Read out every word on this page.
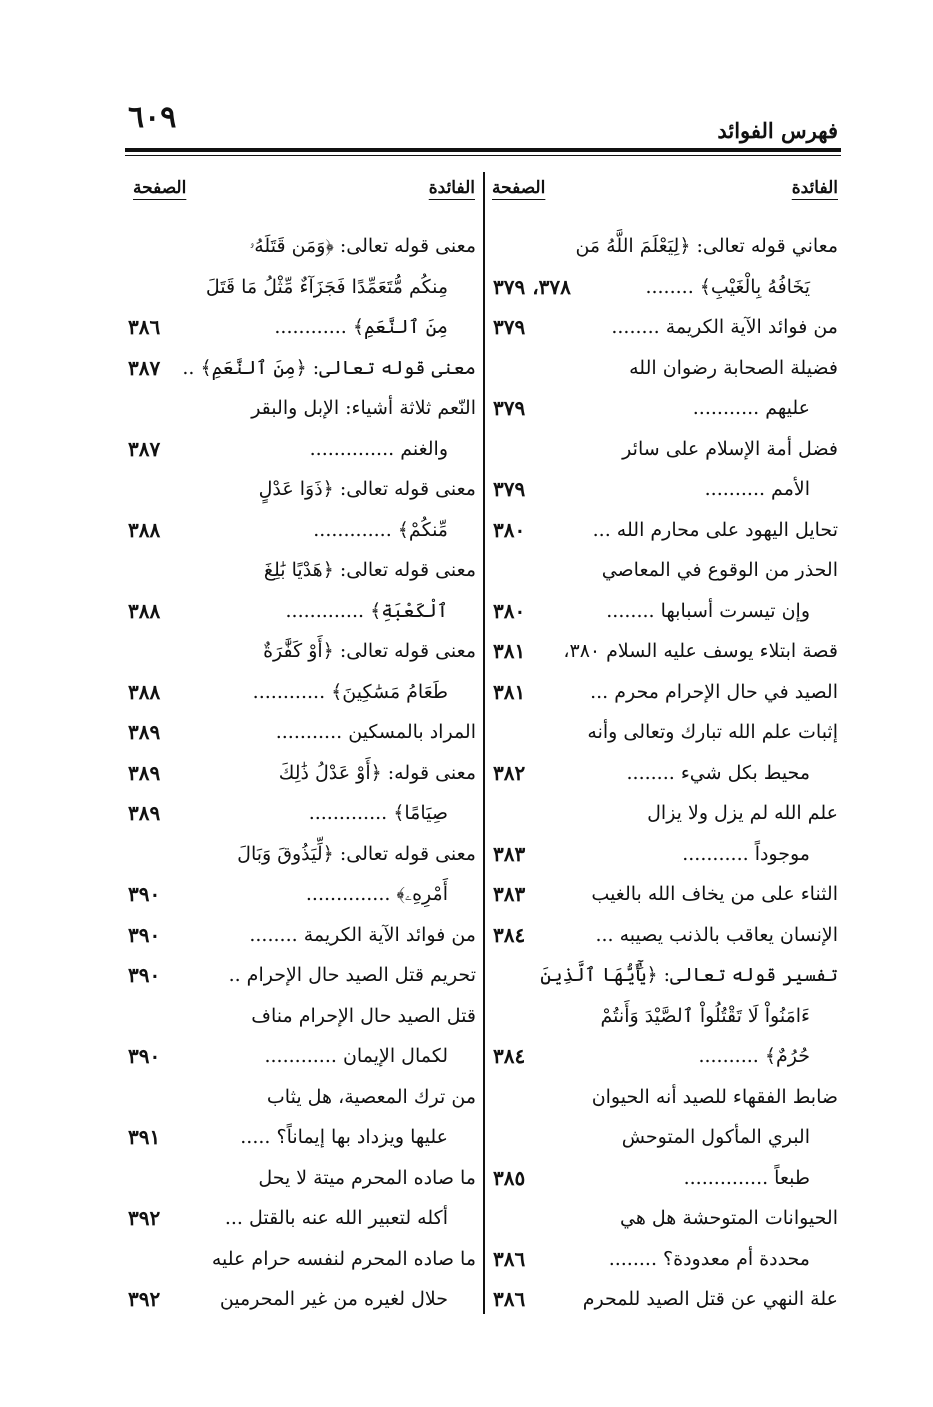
٦٠٩	فهرس الفوائد
الفائدة
الصفحة
الفائدة
الصفحة
معاني قوله تعالى: ﴿لِيَعْلَمَ اللَّهُ مَن
يَخَافُهُ بِالْغَيْبِ﴾ ........
٣٧٨، ٣٧٩
من فوائد الآية الكريمة ........
٣٧٩
فضيلة الصحابة رضوان الله
عليهم ...........
٣٧٩
فضل أمة الإسلام على سائر
الأمم ..........
٣٧٩
تحايل اليهود على محارم الله ...
٣٨٠
الحذر من الوقوع في المعاصي
وإن تيسرت أسبابها ........
٣٨٠
قصة ابتلاء يوسف عليه السلام ٣٨٠،
٣٨١
الصيد في حال الإحرام محرم ...
٣٨١
إثبات علم الله تبارك وتعالى وأنه
محيط بكل شيء ........
٣٨٢
علم الله لم يزل ولا يزال
موجوداً ...........
٣٨٣
الثناء على من يخاف الله بالغيب
٣٨٣
الإنسان يعاقب بالذنب يصيبه ...
٣٨٤
تفسير قوله تعالى: ﴿يَٰٓأَيُّهَا ٱلَّذِينَ
ءَامَنُواْ لَا تَقْتُلُواْ ٱلصَّيْدَ وَأَنتُمْ
حُرُمٌ﴾ ..........
٣٨٤
ضابط الفقهاء للصيد أنه الحيوان
البري المأكول المتوحش
طبعاً ..............
٣٨٥
الحيوانات المتوحشة هل هي
محددة أم معدودة؟ ........
٣٨٦
علة النهي عن قتل الصيد للمحرم
٣٨٦
معنى قوله تعالى: ﴿وَمَن قَتَلَهُۥ
مِنكُم مُّتَعَمِّدًا فَجَزَآءٌ مِّثْلُ مَا قَتَلَ
مِنَ ٱلنَّعَمِ﴾ ............
٣٨٦
معنى قوله تعالى: ﴿مِنَ ٱلنَّعَمِ﴾ ..
٣٨٧
النّعم ثلاثة أشياء: الإبل والبقر
والغنم ..............
٣٨٧
معنى قوله تعالى: ﴿ذَوَا عَدْلٍ
مِّنكُمْ﴾ .............
٣٨٨
معنى قوله تعالى: ﴿هَدْيًا بَٰلِغَ
ٱلْكَعْبَةِ﴾ .............
٣٨٨
معنى قوله تعالى: ﴿أَوْ كَفَّٰرَةٌ
طَعَامُ مَسَٰكِينَ﴾ ............
٣٨٨
المراد بالمسكين ...........
٣٨٩
معنى قوله: ﴿أَوْ عَدْلُ ذَٰلِكَ
٣٨٩
صِيَامًا﴾ .............
٣٨٩
معنى قوله تعالى: ﴿لِّيَذُوقَ وَبَالَ
أَمْرِهِۦ﴾ ..............
٣٩٠
من فوائد الآية الكريمة ........
٣٩٠
تحريم قتل الصيد حال الإحرام ..
٣٩٠
قتل الصيد حال الإحرام مناف
لكمال الإيمان ............
٣٩٠
من ترك المعصية، هل يثاب
عليها ويزداد بها إيماناً؟ .....
٣٩١
ما صاده المحرم ميتة لا يحل
أكله لتعبير الله عنه بالقتل ...
٣٩٢
ما صاده المحرم لنفسه حرام عليه
حلال لغيره من غير المحرمين
٣٩٢
